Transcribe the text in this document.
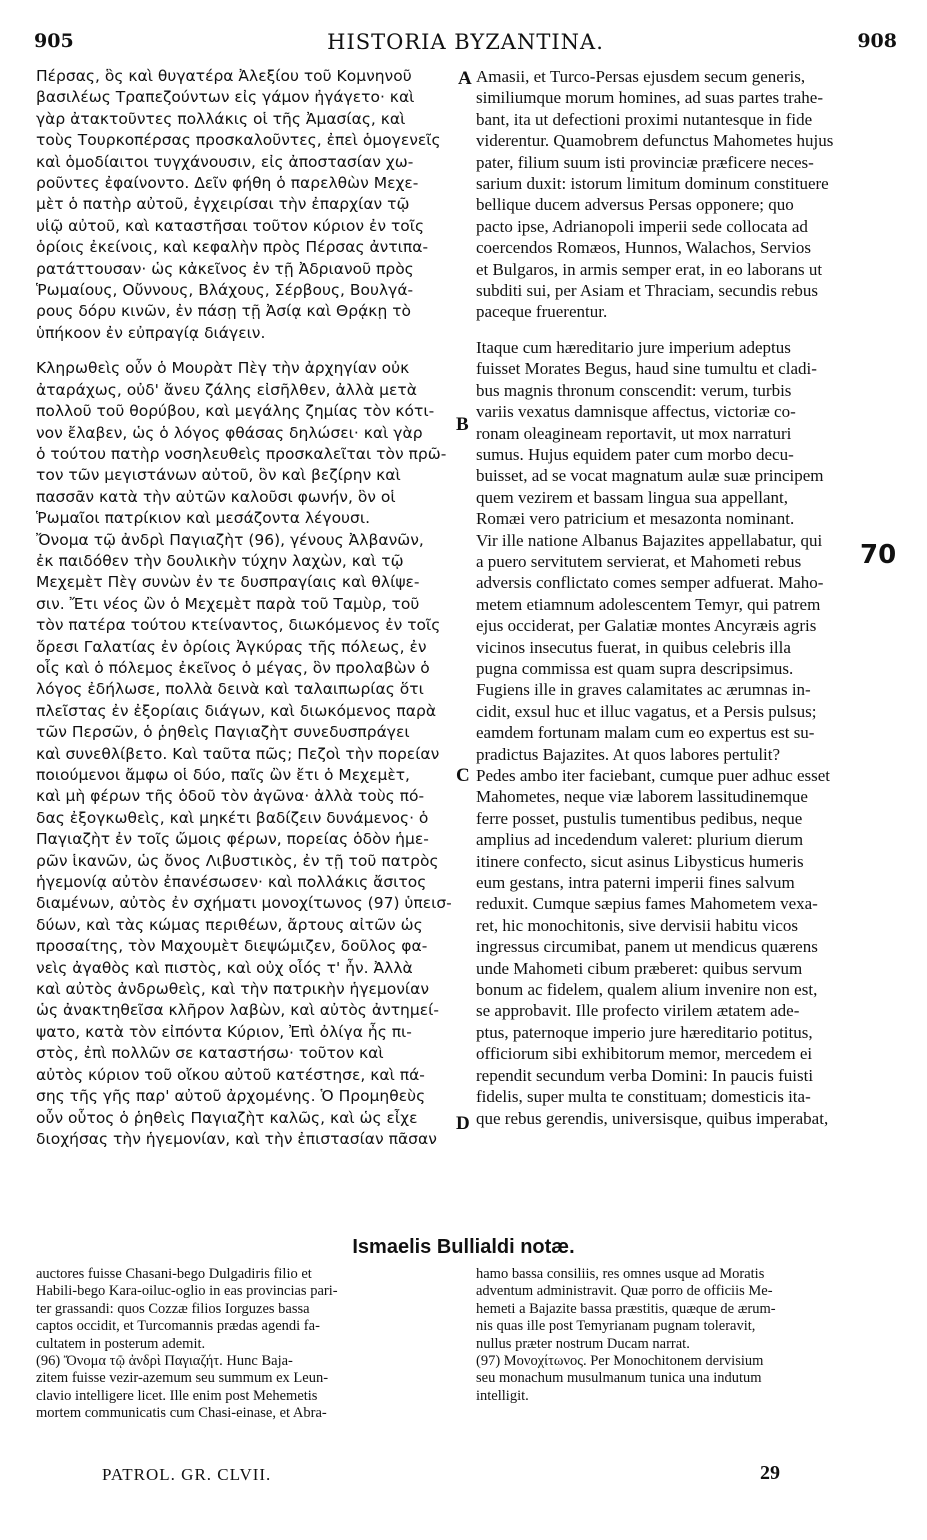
905	HISTORIA BYZANTINA.	908

Πέρσας, ὃς καὶ θυγατέρα Ἀλεξίου τοῦ Κομνηνοῦ

βασιλέως Τραπεζούντων εἰς γάμον ἠγάγετο· καὶ

γὰρ ἀτακτοῦντες πολλάκις οἱ τῆς Ἀμασίας, καὶ

τοὺς Τουρκοπέρσας προσκαλοῦντες, ἐπεὶ ὁμογενεῖς

καὶ ὁμοδίαιτοι τυγχάνουσιν, εἰς ἀποστασίαν χω-

ροῦντες ἐφαίνοντο. Δεῖν φήθη ὁ παρελθὼν Μεχε-

μὲτ ὁ πατὴρ αὐτοῦ, ἐγχειρίσαι τὴν ἐπαρχίαν τῷ

υἱῷ αὐτοῦ, καὶ καταστῆσαι τοῦτον κύριον ἐν τοῖς

ὁρίοις ἐκείνοις, καὶ κεφαλὴν πρὸς Πέρσας ἀντιπα-

ρατάττουσαν· ὡς κἀκεῖνος ἐν τῇ Ἀδριανοῦ πρὸς

Ῥωμαίους, Οὔννους, Βλάχους, Σέρβους, Βουλγά-

ρους δόρυ κινῶν, ἐν πάσῃ τῇ Ἀσίᾳ καὶ Θρᾴκῃ τὸ

ὑπήκοον ἐν εὐπραγίᾳ διάγειν.

Κληρωθεὶς οὖν ὁ Μουρὰτ Πὲγ τὴν ἀρχηγίαν οὐκ

ἀταράχως, οὐδ' ἄνευ ζάλης εἰσῆλθεν, ἀλλὰ μετὰ

πολλοῦ τοῦ θορύβου, καὶ μεγάλης ζημίας τὸν κότι-

νον ἔλαβεν, ὡς ὁ λόγος φθάσας δηλώσει· καὶ γὰρ

ὁ τούτου πατὴρ νοσηλευθεὶς προσκαλεῖται τὸν πρῶ-

τον τῶν μεγιστάνων αὐτοῦ, ὃν καὶ βεζίρην καὶ

πασσᾶν κατὰ τὴν αὐτῶν καλοῦσι φωνήν, ὃν οἱ

Ῥωμαῖοι πατρίκιον καὶ μεσάζοντα λέγουσι.

Ὄνομα τῷ ἀνδρὶ Παγιαζὴτ (96), γένους Ἀλβανῶν,

ἐκ παιδόθεν τὴν δουλικὴν τύχην λαχὼν, καὶ τῷ

Μεχεμὲτ Πὲγ συνὼν ἐν τε δυσπραγίαις καὶ θλίψε-

σιν. Ἔτι νέος ὢν ὁ Μεχεμὲτ παρὰ τοῦ Ταμὺρ, τοῦ

τὸν πατέρα τούτου κτείναντος, διωκόμενος ἐν τοῖς

ὄρεσι Γαλατίας ἐν ὁρίοις Ἀγκύρας τῆς πόλεως, ἐν

οἷς καὶ ὁ πόλεμος ἐκεῖνος ὁ μέγας, ὃν προλαβὼν ὁ

λόγος ἐδήλωσε, πολλὰ δεινὰ καὶ ταλαιπωρίας ὅτι

πλεῖστας ἐν ἐξορίαις διάγων, καὶ διωκόμενος παρὰ

τῶν Περσῶν, ὁ ῥηθεὶς Παγιαζὴτ συνεδυσπράγει

καὶ συνεθλίβετο. Καὶ ταῦτα πῶς; Πεζοὶ τὴν πορείαν

ποιούμενοι ἄμφω οἱ δύο, παῖς ὢν ἔτι ὁ Μεχεμὲτ,

καὶ μὴ φέρων τῆς ὁδοῦ τὸν ἀγῶνα· ἀλλὰ τοὺς πό-

δας ἐξογκωθεὶς, καὶ μηκέτι βαδίζειν δυνάμενος· ὁ

Παγιαζὴτ ἐν τοῖς ὤμοις φέρων, πορείας ὁδὸν ἡμε-

ρῶν ἱκανῶν, ὡς ὄνος Λιβυστικὸς, ἐν τῇ τοῦ πατρὸς

ἡγεμονίᾳ αὐτὸν ἐπανέσωσεν· καὶ πολλάκις ἄσιτος

διαμένων, αὐτὸς ἐν σχήματι μονοχίτωνος (97) ὑπεισ-

δύων, καὶ τὰς κώμας περιθέων, ἄρτους αἰτῶν ὡς

προσαίτης, τὸν Μαχουμὲτ διεψώμιζεν, δοῦλος φα-

νεὶς ἀγαθὸς καὶ πιστὸς, καὶ οὐχ οἷός τ' ἦν. Ἀλλὰ

καὶ αὐτὸς ἀνδρωθεὶς, καὶ τὴν πατρικὴν ἡγεμονίαν

ὡς ἀνακτηθεῖσα κλῆρον λαβὼν, καὶ αὐτὸς ἀντημεί-

ψατο, κατὰ τὸν εἰπόντα Κύριον, Ἐπὶ ὀλίγα ἦς πι-

στὸς, ἐπὶ πολλῶν σε καταστήσω· τοῦτον καὶ

αὐτὸς κύριον τοῦ οἴκου αὐτοῦ κατέστησε, καὶ πά-

σης τῆς γῆς παρ' αὐτοῦ ἀρχομένης. Ὁ Προμηθεὺς

οὖν οὗτος ὁ ῥηθεὶς Παγιαζὴτ καλῶς, καὶ ὡς εἶχε

διοχήσας τὴν ἡγεμονίαν, καὶ τὴν ἐπιστασίαν πᾶσαν

Amasii, et Turco-Persas ejusdem secum generis,

similiumque morum homines, ad suas partes trahe-

bant, ita ut defectioni proximi nutantesque in fide

viderentur. Quamobrem defunctus Mahometes hujus

pater, filium suum isti provinciæ præficere neces-

sarium duxit: istorum limitum dominum constituere

bellique ducem adversus Persas opponere; quo

pacto ipse, Adrianopoli imperii sede collocata ad

coercendos Romæos, Hunnos, Walachos, Servios

et Bulgaros, in armis semper erat, in eo laborans ut

subditi sui, per Asiam et Thraciam, secundis rebus

paceque fruerentur.

Itaque cum hæreditario jure imperium adeptus

fuisset Morates Begus, haud sine tumultu et cladi-

bus magnis thronum conscendit: verum, turbis

variis vexatus damnisque affectus, victoriæ co-

ronam oleagineam reportavit, ut mox narraturi

sumus. Hujus equidem pater cum morbo decu-

buisset, ad se vocat magnatum aulæ suæ principem

quem vezirem et bassam lingua sua appellant,

Romæi vero patricium et mesazonta nominant.

Vir ille natione Albanus Bajazites appellabatur, qui

a puero servitutem servierat, et Mahometi rebus

adversis conflictato comes semper adfuerat. Maho-

metem etiamnum adolescentem Temyr, qui patrem

ejus occiderat, per Galatiæ montes Ancyræis agris

vicinos insecutus fuerat, in quibus celebris illa

pugna commissa est quam supra descripsimus.

Fugiens ille in graves calamitates ac ærumnas in-

cidit, exsul huc et illuc vagatus, et a Persis pulsus;

eamdem fortunam malam cum eo expertus est su-

pradictus Bajazites. At quos labores pertulit?

Pedes ambo iter faciebant, cumque puer adhuc esset

Mahometes, neque viæ laborem lassitudinemque

ferre posset, pustulis tumentibus pedibus, neque

amplius ad incedendum valeret: plurium dierum

itinere confecto, sicut asinus Libysticus humeris

eum gestans, intra paterni imperii fines salvum

reduxit. Cumque sæpius fames Mahometem vexa-

ret, hic monochitonis, sive dervisii habitu vicos

ingressus circumibat, panem ut mendicus quærens

unde Mahometi cibum præberet: quibus servum

bonum ac fidelem, qualem alium invenire non est,

se approbavit. Ille profecto virilem ætatem ade-

ptus, paternoque imperio jure hæreditario potitus,

officiorum sibi exhibitorum memor, mercedem ei

rependit secundum verba Domini: In paucis fuisti

fidelis, super multa te constituam; domesticis ita-

que rebus gerendis, universisque, quibus imperabat,

A
B
C
D
70
Ismaelis Bullialdi notæ.

auctores fuisse Chasani-bego Dulgadiris filio et

Habili-bego Kara-oiluc-oglio in eas provincias pari-

ter grassandi: quos Cozzæ filios Iorguzes bassa

captos occidit, et Turcomannis prædas agendi fa-

cultatem in posterum ademit.

(96) Ὄνομα τῷ ἀνδρὶ Παγιαζήτ. Hunc Baja-

zitem fuisse vezir-azemum seu summum ex Leun-

clavio intelligere licet. Ille enim post Mehemetis

mortem communicatis cum Chasi-einase, et Abra-

hamo bassa consiliis, res omnes usque ad Moratis

adventum administravit. Quæ porro de officiis Me-

hemeti a Bajazite bassa præstitis, quæque de ærum-

nis quas ille post Temyrianam pugnam toleravit,

nullus præter nostrum Ducam narrat.

(97) Μονοχίτωνος. Per Monochitonem dervisium

seu monachum musulmanum tunica una indutum

intelligit.

PATROL. GR. CLVII.	29
